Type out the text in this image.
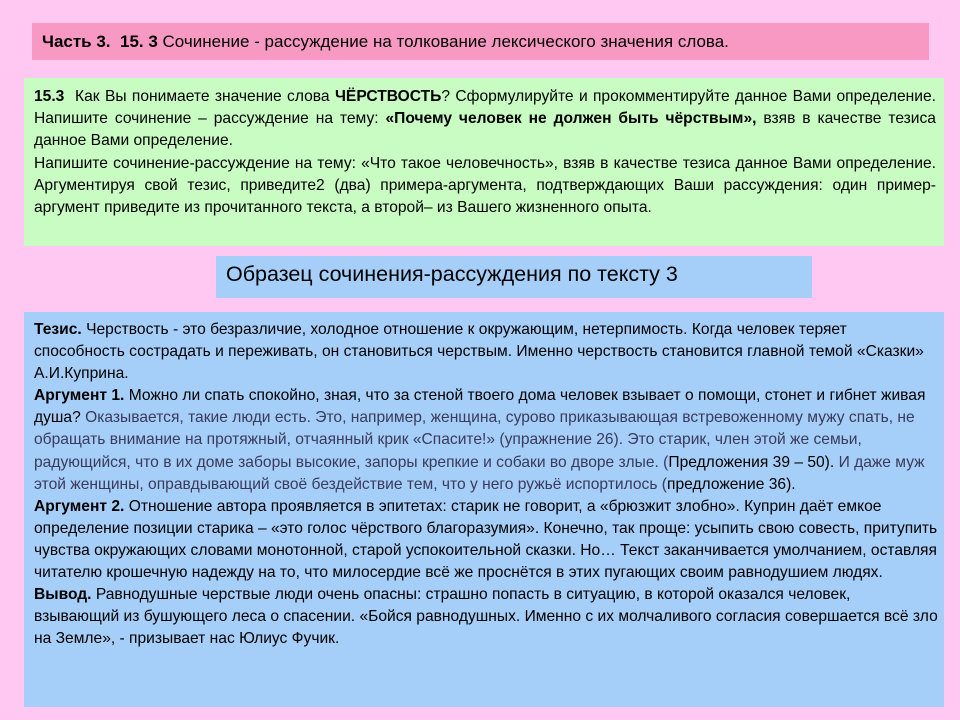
Часть 3. 15. 3 Сочинение - рассуждение на толкование лексического значения слова.

15.3 Как Вы понимаете значение слова ЧЁРСТВОСТЬ? Сформулируйте и прокомментируйте данное Вами определение. Напишите сочинение – рассуждение на тему: «Почему человек не должен быть чёрствым», взяв в качестве тезиса данное Вами определение.

Напишите сочинение-рассуждение на тему: «Что такое человечность», взяв в качестве тезиса данное Вами определение. Аргументируя свой тезис, приведите2 (два) примера-аргумента, подтверждающих Ваши рассуждения: один пример-аргумент приведите из прочитанного текста, а второй– из Вашего жизненного опыта.

Образец сочинения-рассуждения по тексту 3

Тезис. Черствость - это безразличие, холодное отношение к окружающим, нетерпимость. Когда человек теряет способность сострадать и переживать, он становиться черствым. Именно черствость становится главной темой «Сказки» А.И.Куприна.
Аргумент 1. Можно ли спать спокойно, зная, что за стеной твоего дома человек взывает о помощи, стонет и гибнет живая душа? Оказывается, такие люди есть. Это, например, женщина, сурово приказывающая встревоженному мужу спать, не обращать внимание на протяжный, отчаянный крик «Спасите!» (упражнение 26). Это старик, член этой же семьи, радующийся, что в их доме заборы высокие, запоры крепкие и собаки во дворе злые. (Предложения 39 – 50). И даже муж этой женщины, оправдывающий своё бездействие тем, что у него ружьё испортилось (предложение 36).
Аргумент 2. Отношение автора проявляется в эпитетах: старик не говорит, а «брюзжит злобно». Куприн даёт емкое определение позиции старика – «это голос чёрствого благоразумия». Конечно, так проще: усыпить свою совесть, притупить чувства окружающих словами монотонной, старой успокоительной сказки. Но… Текст заканчивается умолчанием, оставляя читателю крошечную надежду на то, что милосердие всё же проснётся в этих пугающих своим равнодушием людях.
Вывод. Равнодушные черствые люди очень опасны: страшно попасть в ситуацию, в которой оказался человек, взывающий из бушующего леса о спасении. «Бойся равнодушных. Именно с их молчаливого согласия совершается всё зло на Земле», - призывает нас Юлиус Фучик.
